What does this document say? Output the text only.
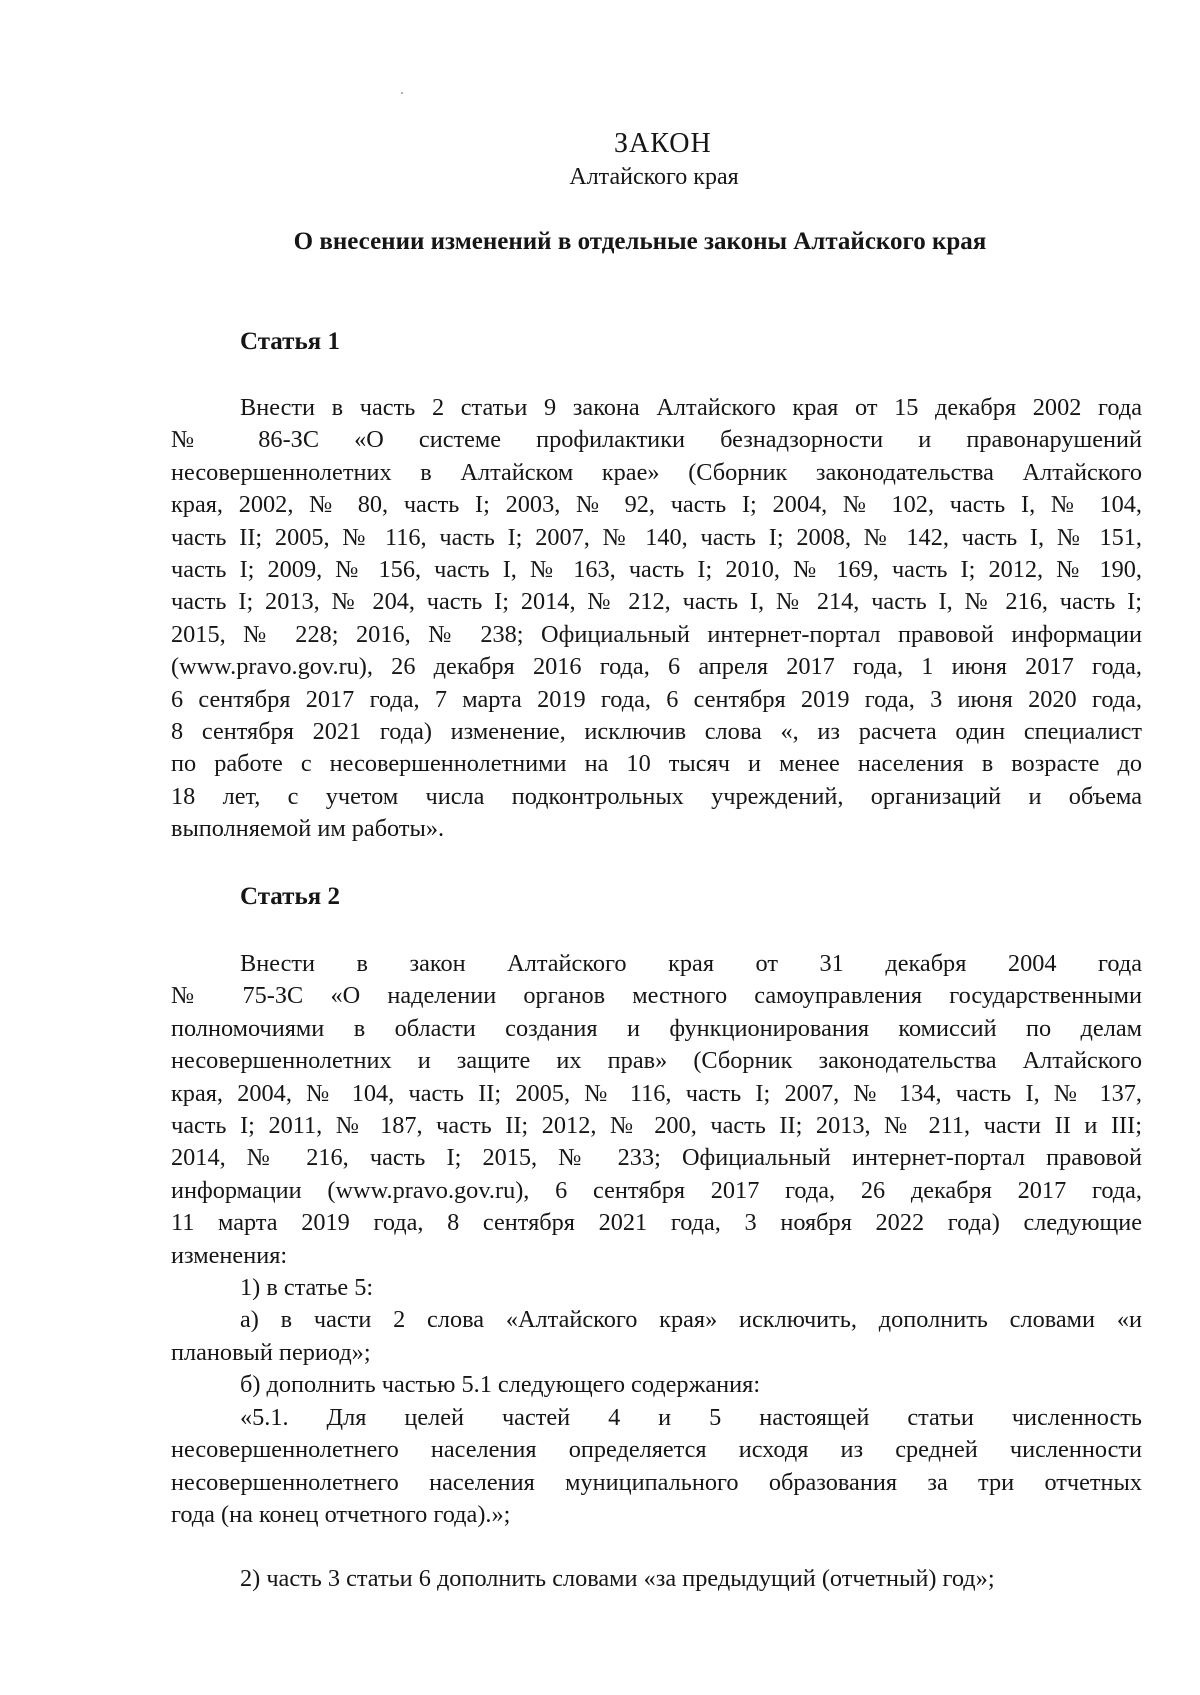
ЗАКОН
Алтайского края
О внесении изменений в отдельные законы Алтайского края
Статья 1
Внести в часть 2 статьи 9 закона Алтайского края от 15 декабря 2002 года
№ 86-ЗС «О системе профилактики безнадзорности и правонарушений
несовершеннолетних в Алтайском крае» (Сборник законодательства Алтайского
края, 2002, № 80, часть I; 2003, № 92, часть I; 2004, № 102, часть I, № 104,
часть II; 2005, № 116, часть I; 2007, № 140, часть I; 2008, № 142, часть I, № 151,
часть I; 2009, № 156, часть I, № 163, часть I; 2010, № 169, часть I; 2012, № 190,
часть I; 2013, № 204, часть I; 2014, № 212, часть I, № 214, часть I, № 216, часть I;
2015, № 228; 2016, № 238; Официальный интернет-портал правовой информации
(www.pravo.gov.ru), 26 декабря 2016 года, 6 апреля 2017 года, 1 июня 2017 года,
6 сентября 2017 года, 7 марта 2019 года, 6 сентября 2019 года, 3 июня 2020 года,
8 сентября 2021 года) изменение, исключив слова «, из расчета один специалист
по работе с несовершеннолетними на 10 тысяч и менее населения в возрасте до
18 лет, с учетом числа подконтрольных учреждений, организаций и объема
выполняемой им работы».
Статья 2
Внести в закон Алтайского края от 31 декабря 2004 года
№ 75-ЗС «О наделении органов местного самоуправления государственными
полномочиями в области создания и функционирования комиссий по делам
несовершеннолетних и защите их прав» (Сборник законодательства Алтайского
края, 2004, № 104, часть II; 2005, № 116, часть I; 2007, № 134, часть I, № 137,
часть I; 2011, № 187, часть II; 2012, № 200, часть II; 2013, № 211, части II и III;
2014, № 216, часть I; 2015, № 233; Официальный интернет-портал правовой
информации (www.pravo.gov.ru), 6 сентября 2017 года, 26 декабря 2017 года,
11 марта 2019 года, 8 сентября 2021 года, 3 ноября 2022 года) следующие
изменения:
1) в статье 5:
а) в части 2 слова «Алтайского края» исключить, дополнить словами «и
плановый период»;
б) дополнить частью 5.1 следующего содержания:
«5.1. Для целей частей 4 и 5 настоящей статьи численность
несовершеннолетнего населения определяется исходя из средней численности
несовершеннолетнего населения муниципального образования за три отчетных
года (на конец отчетного года).»;
2) часть 3 статьи 6 дополнить словами «за предыдущий (отчетный) год»;
